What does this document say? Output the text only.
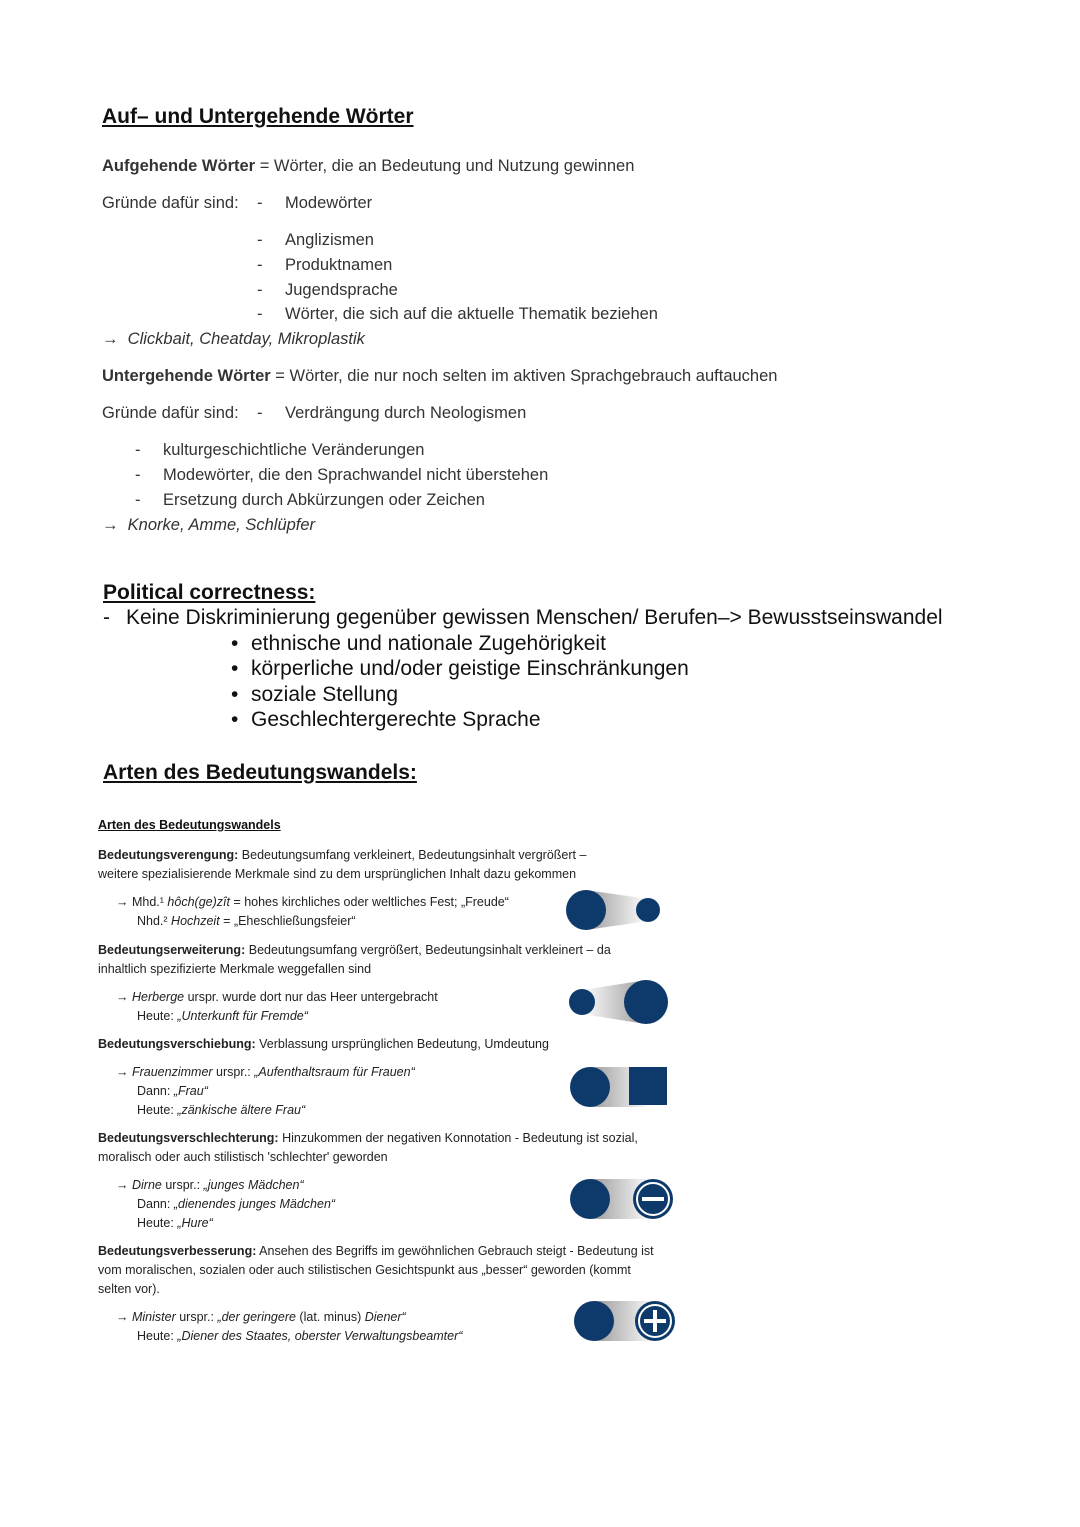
Auf– und Untergehende Wörter
Aufgehende Wörter = Wörter, die an Bedeutung und Nutzung gewinnen
Gründe dafür sind: - Modewörter
- Anglizismen
- Produktnamen
- Jugendsprache
- Wörter, die sich auf die aktuelle Thematik beziehen
→ Clickbait, Cheatday, Mikroplastik
Untergehende Wörter = Wörter, die nur noch selten im aktiven Sprachgebrauch auftauchen
Gründe dafür sind: - Verdrängung durch Neologismen
- kulturgeschichtliche Veränderungen
- Modewörter, die den Sprachwandel nicht überstehen
- Ersetzung durch Abkürzungen oder Zeichen
→ Knorke, Amme, Schlüpfer
Political correctness:
- Keine Diskriminierung gegenüber gewissen Menschen/ Berufen–> Bewusstseinswandel
• ethnische und nationale Zugehörigkeit
• körperliche und/oder geistige Einschränkungen
• soziale Stellung
• Geschlechtergerechte Sprache
Arten des Bedeutungswandels:
Arten des Bedeutungswandels
Bedeutungsverengung: Bedeutungsumfang verkleinert, Bedeutungsinhalt vergrößert – weitere spezialisierende Merkmale sind zu dem ursprünglichen Inhalt dazu gekommen
→ Mhd.¹ hôch(ge)zît = hohes kirchliches oder weltliches Fest; „Freude“
Nhd.² Hochzeit = „Eheschließungsfeier“
Bedeutungserweiterung: Bedeutungsumfang vergrößert, Bedeutungsinhalt verkleinert – da inhaltlich spezifizierte Merkmale weggefallen sind
→ Herberge urspr. wurde dort nur das Heer untergebracht
Heute: „Unterkunft für Fremde“
Bedeutungsverschiebung: Verblassung ursprünglichen Bedeutung, Umdeutung
→ Frauenzimmer urspr.: „Aufenthaltsraum für Frauen“
Dann: „Frau“
Heute: „zänkische ältere Frau“
Bedeutungsverschlechterung: Hinzukommen der negativen Konnotation - Bedeutung ist sozial, moralisch oder auch stilistisch 'schlechter' geworden
→ Dirne urspr.: „junges Mädchen“
Dann: „dienendes junges Mädchen“
Heute: „Hure“
Bedeutungsverbesserung: Ansehen des Begriffs im gewöhnlichen Gebrauch steigt - Bedeutung ist vom moralischen, sozialen oder auch stilistischen Gesichtspunkt aus „besser“ geworden (kommt selten vor).
→ Minister urspr.: „der geringere (lat. minus) Diener“
Heute: „Diener des Staates, oberster Verwaltungsbeamter“
